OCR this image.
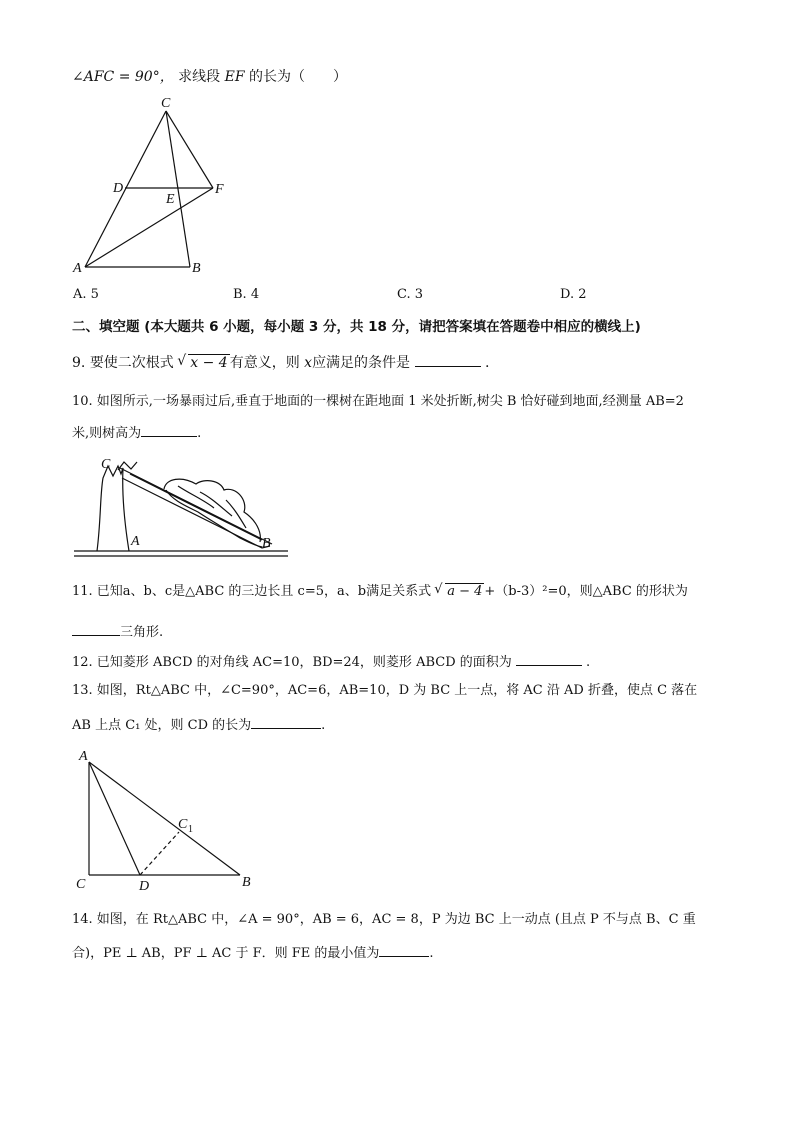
∠AFC = 90°， 求线段 EF 的长为（　　）
C
D
E
F
A	B
A. 5	B. 4	C. 3	D. 2
二、填空题 (本大题共 6 小题，每小题 3 分，共 18 分，请把答案填在答题卷中相应的横线上)
9. 要使二次根式 √ x − 4 有意义，则 x应满足的条件是	.
10. 如图所示,一场暴雨过后,垂直于地面的一棵树在距地面 1 米处折断,树尖 B 恰好碰到地面,经测量 AB=2
米,则树高为	.
C
A	B
11. 已知a、b、c是△ABC 的三边长且 c=5，a、b满足关系式 √ a − 4 +（b-3）²=0，则△ABC 的形状为
三角形.
12. 已知菱形 ABCD 的对角线 AC=10，BD=24，则菱形 ABCD 的面积为	.
13. 如图，Rt△ABC 中，∠C=90°，AC=6，AB=10，D 为 BC 上一点，将 AC 沿 AD 折叠，使点 C 落在
AB 上点 C₁ 处，则 CD 的长为	.
A
C 1
C	D	B
14. 如图，在 Rt△ABC 中，∠A = 90°，AB = 6，AC = 8，P 为边 BC 上一动点 (且点 P 不与点 B、C 重
合)，PE ⊥ AB，PF ⊥ AC 于 F．则 FE 的最小值为	.
